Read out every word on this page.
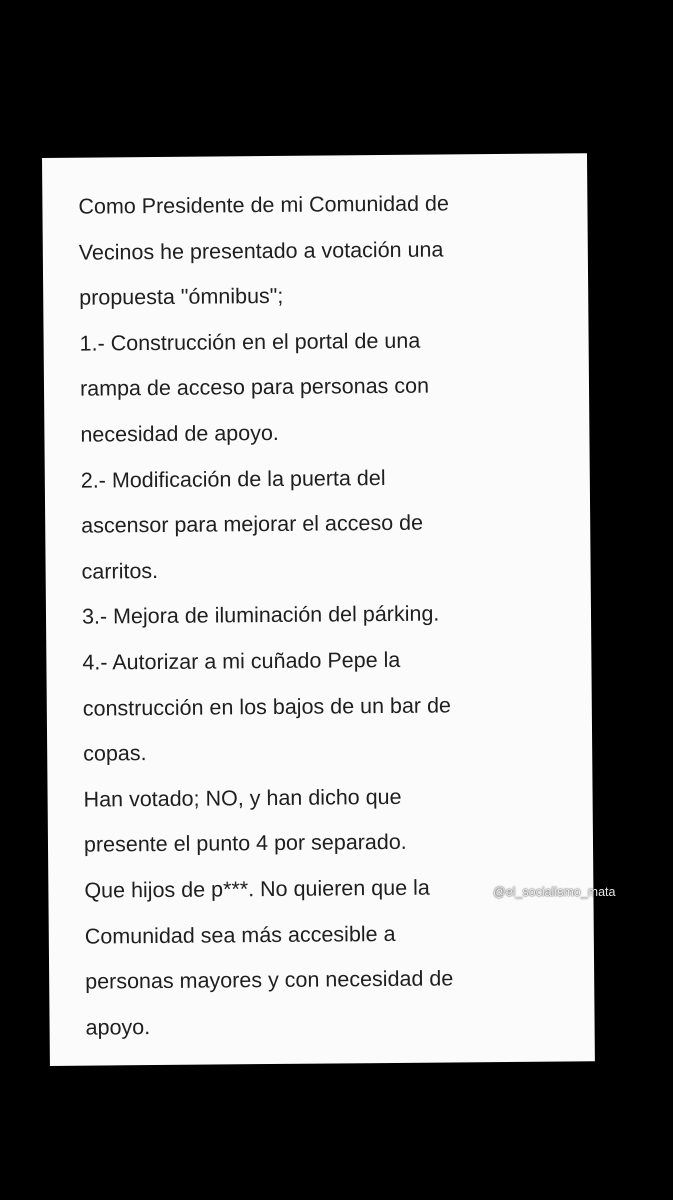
Como Presidente de mi Comunidad de
Vecinos he presentado a votación una
propuesta "ómnibus";
1.- Construcción en el portal de una
rampa de acceso para personas con
necesidad de apoyo.
2.- Modificación de la puerta del
ascensor para mejorar el acceso de
carritos.
3.- Mejora de iluminación del párking.
4.- Autorizar a mi cuñado Pepe la
construcción en los bajos de un bar de
copas.
Han votado; NO, y han dicho que
presente el punto 4 por separado.
Que hijos de p***. No quieren que la
Comunidad sea más accesible a
personas mayores y con necesidad de
apoyo.
@el_socialismo_mata
